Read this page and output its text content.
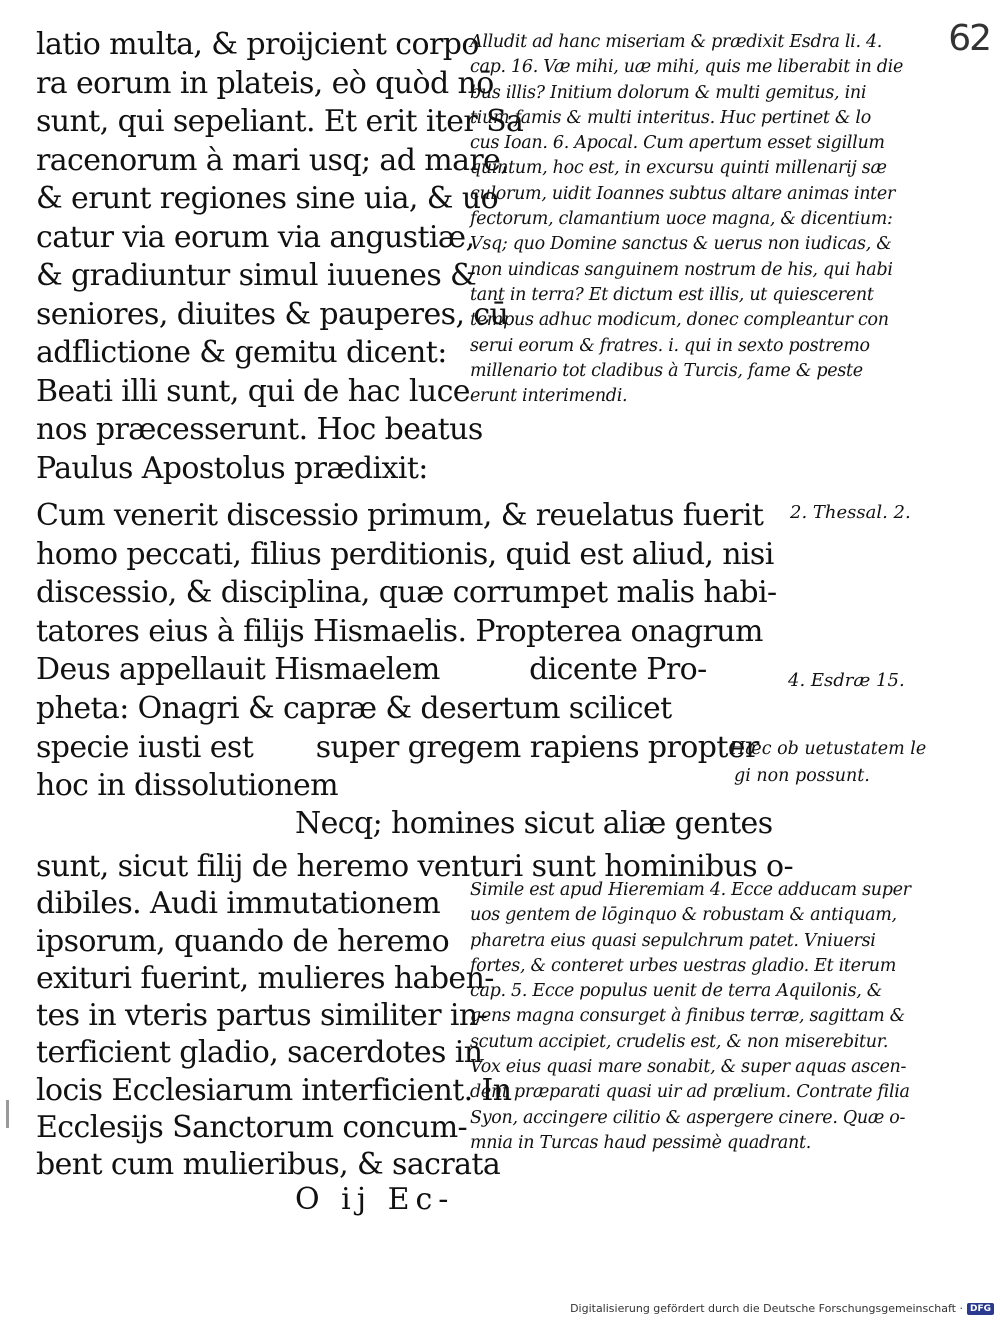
62
latio multa, & proijcient corpo
ra eorum in plateis, eò quòd nō
sunt, qui sepeliant. Et erit iter Sa
racenorum à mari usq; ad mare,
& erunt regiones sine uia, & uo
catur via eorum via angustiæ,
& gradiuntur simul iuuenes &
seniores, diuites & pauperes, cū
adflictione & gemitu dicent:
Beati illi sunt, qui de hac luce
nos præcesserunt. Hoc beatus
Paulus Apostolus prædixit:
Alludit ad hanc miseriam & prædixit Esdra li. 4.
cap. 16. Væ mihi, uæ mihi, quis me liberabit in die
bus illis? Initium dolorum & multi gemitus, ini
tium famis & multi interitus. Huc pertinet & lo
cus Ioan. 6. Apocal. Cum apertum esset sigillum
quintum, hoc est, in excursu quinti millenarij sæ
culorum, uidit Ioannes subtus altare animas inter
fectorum, clamantium uoce magna, & dicentium:
Vsq; quo Domine sanctus & uerus non iudicas, &
non uindicas sanguinem nostrum de his, qui habi
tant in terra? Et dictum est illis, ut quiescerent
tempus adhuc modicum, donec compleantur con
serui eorum & fratres. i. qui in sexto postremo
millenario tot cladibus à Turcis, fame & peste
erunt interimendi.
Cum venerit discessio primum, & reuelatus fuerit
homo peccati, filius perditionis, quid est aliud, nisi
discessio, & disciplina, quæ corrumpet malis habi-
tatores eius à filijs Hismaelis. Propterea onagrum
Deus appellauit Hismaelem          dicente Pro-
pheta: Onagri & capræ & desertum scilicet
specie iusti est       super gregem rapiens propter
hoc in dissolutionem
2. Thessal. 2.
4. Esdræ 15.
Hæc ob uetustatem le
gi non possunt.
Necq; homines sicut aliæ gentes
sunt, sicut filij de heremo venturi sunt hominibus o-
dibiles. Audi immutationem
ipsorum, quando de heremo
exituri fuerint, mulieres haben-
tes in vteris partus similiter in-
terficient gladio, sacerdotes in
locis Ecclesiarum interficient. In
Ecclesijs Sanctorum concum-
bent cum mulieribus, & sacrata
Simile est apud Hieremiam 4. Ecce adducam super
uos gentem de lōginquo & robustam & antiquam,
pharetra eius quasi sepulchrum patet. Vniuersi
fortes, & conteret urbes uestras gladio. Et iterum
cap. 5. Ecce populus uenit de terra Aquilonis, &
gens magna consurget à finibus terræ, sagittam &
scutum accipiet, crudelis est, & non miserebitur.
Vox eius quasi mare sonabit, & super aquas ascen-
dent præparati quasi uir ad prælium. Contrate filia
Syon, accingere cilitio & aspergere cinere. Quæ o-
mnia in Turcas haud pessimè quadrant.
O ij Ec-
Digitalisierung gefördert durch die Deutsche Forschungsgemeinschaft · DFG
